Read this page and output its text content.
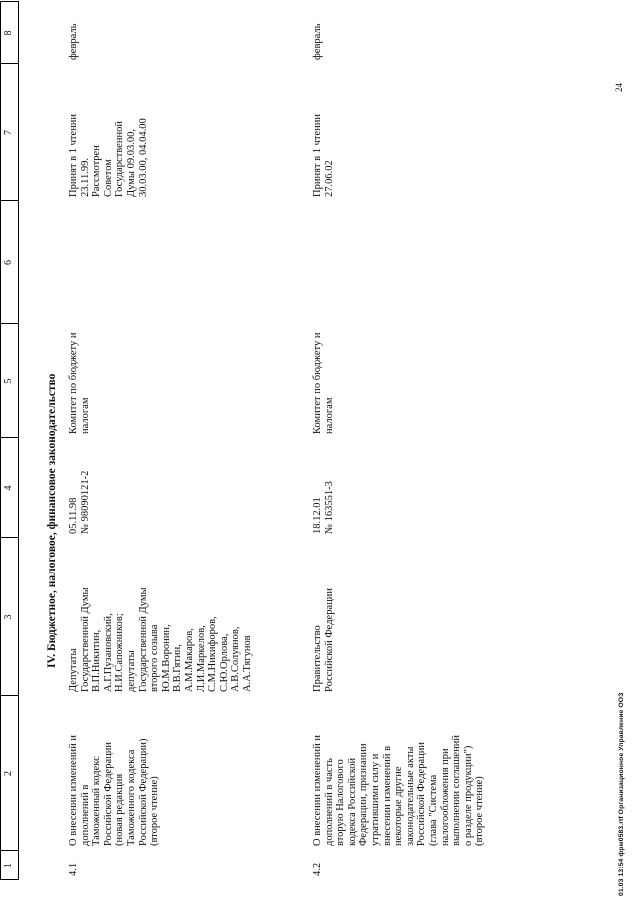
1
2
3
4
5
6
7
8
IV. Бюджетное, налоговое, финансовое законодательство
4.1
О внесении изменений и
дополнений в
Таможенный кодекс
Российской Федерации
(новая редакция
Таможенного кодекса
Российской Федерации)
(второе чтение)
Депутаты
Государственной Думы
В.П.Никитин,
А.Г.Пузановский,
Н.И.Сапожников;
депутаты
Государственной Думы
второго созыва
Ю.М.Воронин,
В.В.Гятин,
А.М.Макаров,
Л.И.Маркелов,
С.М.Никифоров,
С.Ю.Орлова,
А.В.Солуянов,
А.А.Тягунов
05.11.98
№ 98090121-2
Комитет по бюджету и
налогам
Принят в 1 чтении
23.11.99.
Рассмотрен
Советом
Государственной
Думы 09.03.00,
30.03.00, 04.04.00
февраль
4.2
О внесении изменений и
дополнений в часть
вторую Налогового
кодекса Российской
Федерации, признании
утратившими силу и
внесении изменений в
некоторые другие
законодательные акты
Российской Федерации
(глава "Система
налогообложения при
выполнении соглашений
о разделе продукции")
(второе чтение)
Правительство
Российской Федерации
18.12.01
№ 163551-3
Комитет по бюджету и
налогам
Принят в 1 чтении
27.06.02
февраль
01.03 13:54 фрм0583.rtf Организационное Управление ООЗ
24
